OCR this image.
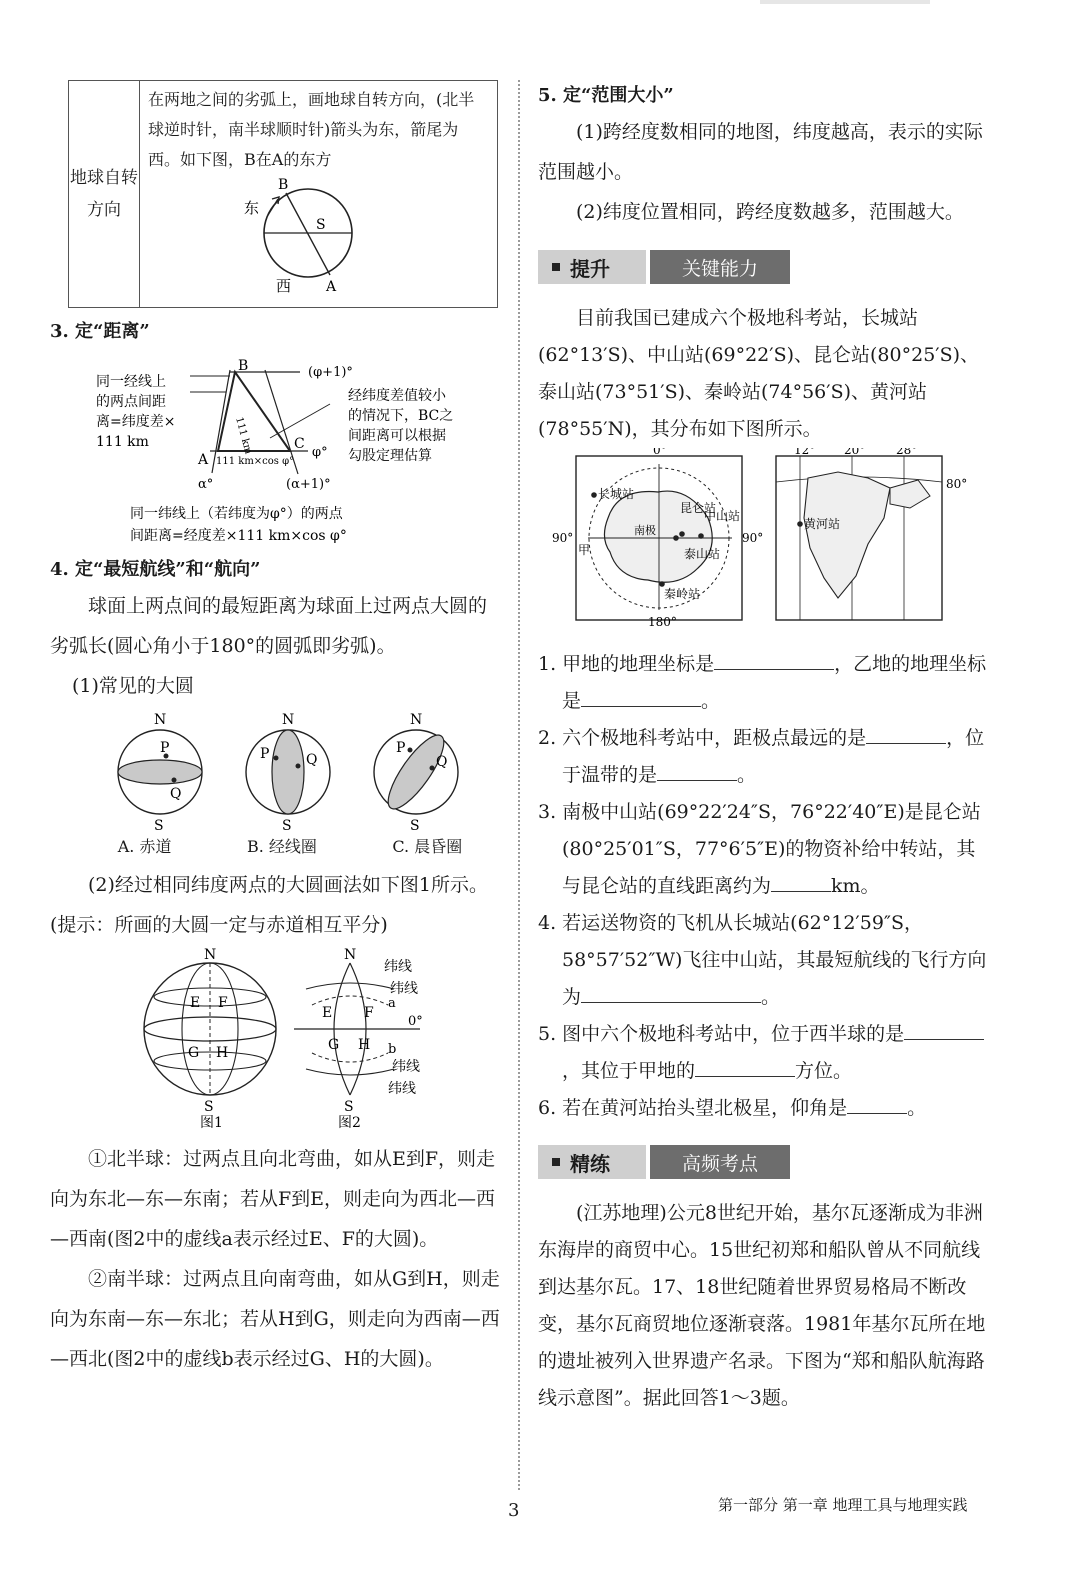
地球自转方向	
在两地之间的劣弧上，画地球自转方向，(北半球逆时针，南半球顺时针)箭头为东，箭尾为西。如下图，B在A的东方
B
A
S
东
西

3. 定“距离”

B
A
C
(φ+1)°
φ°
α°	(α+1)°
111 km
111 km×cos φ°
同一经线上
的两点间距
离=纬度差×
111 km
经纬度差值较小
的情况下，BC之
间距离可以根据
勾股定理估算
同一纬线上（若纬度为φ°）的两点
间距离=经度差×111 km×cos φ°

4. 定“最短航线”和“航向”

球面上两点间的最短距离为球面上过两点大圆的劣弧长(圆心角小于180°的圆弧即劣弧)。

(1)常见的大圆

N
P
Q
S
N
P	Q
S
N
P
Q
S
A. 赤道	B. 经线圈	C. 晨昏圈

(2)经过相同纬度两点的大圆画法如下图1所示。(提示：所画的大圆一定与赤道相互平分)

N
S
E F
G H
图1
N
S
E F
G H
a
b
0°
纬线
纬线
纬线
纬线
图2

①北半球：过两点且向北弯曲，如从E到F，则走向为东北—东—东南；若从F到E，则走向为西北—西—西南(图2中的虚线a表示经过E、F的大圆)。

②南半球：过两点且向南弯曲，如从G到H，则走向为东南—东—东北；若从H到G，则走向为西南—西—西北(图2中的虚线b表示经过G、H的大圆)。

5. 定“范围大小”

(1)跨经度数相同的地图，纬度越高，表示的实际范围越小。

(2)纬度位置相同，跨经度数越多，范围越大。

提升	关键能力

目前我国已建成六个极地科考站，长城站(62°13′S)、中山站(69°22′S)、昆仑站(80°25′S)、泰山站(73°51′S)、秦岭站(74°56′S)、黄河站(78°55′N)，其分布如下图所示。

0°
90°	90°
180°
长城站
南极
甲	泰山站
秦岭站
昆仑站
中山站
12° 20°	28°
80°
黄河站

1. 甲地的地理坐标是	，乙地的地理坐标是	。

2. 六个极地科考站中，距极点最远的是	，位于温带的是	。

3. 南极中山站(69°22′24″S，76°22′40″E)是昆仑站(80°25′01″S，77°6′5″E)的物资补给中转站，其与昆仑站的直线距离约为	km。

4. 若运送物资的飞机从长城站(62°12′59″S，58°57′52″W)飞往中山站，其最短航线的飞行方向为	。

5. 图中六个极地科考站中，位于西半球的是，其位于甲地的	方位。

6. 若在黄河站抬头望北极星，仰角是	。

精练	高频考点

(江苏地理)公元8世纪开始，基尔瓦逐渐成为非洲东海岸的商贸中心。15世纪初郑和船队曾从不同航线到达基尔瓦。17、18世纪随着世界贸易格局不断改变，基尔瓦商贸地位逐渐衰落。1981年基尔瓦所在地的遗址被列入世界遗产名录。下图为“郑和船队航海路线示意图”。据此回答1～3题。

3	第一部分 第一章 地理工具与地理实践
